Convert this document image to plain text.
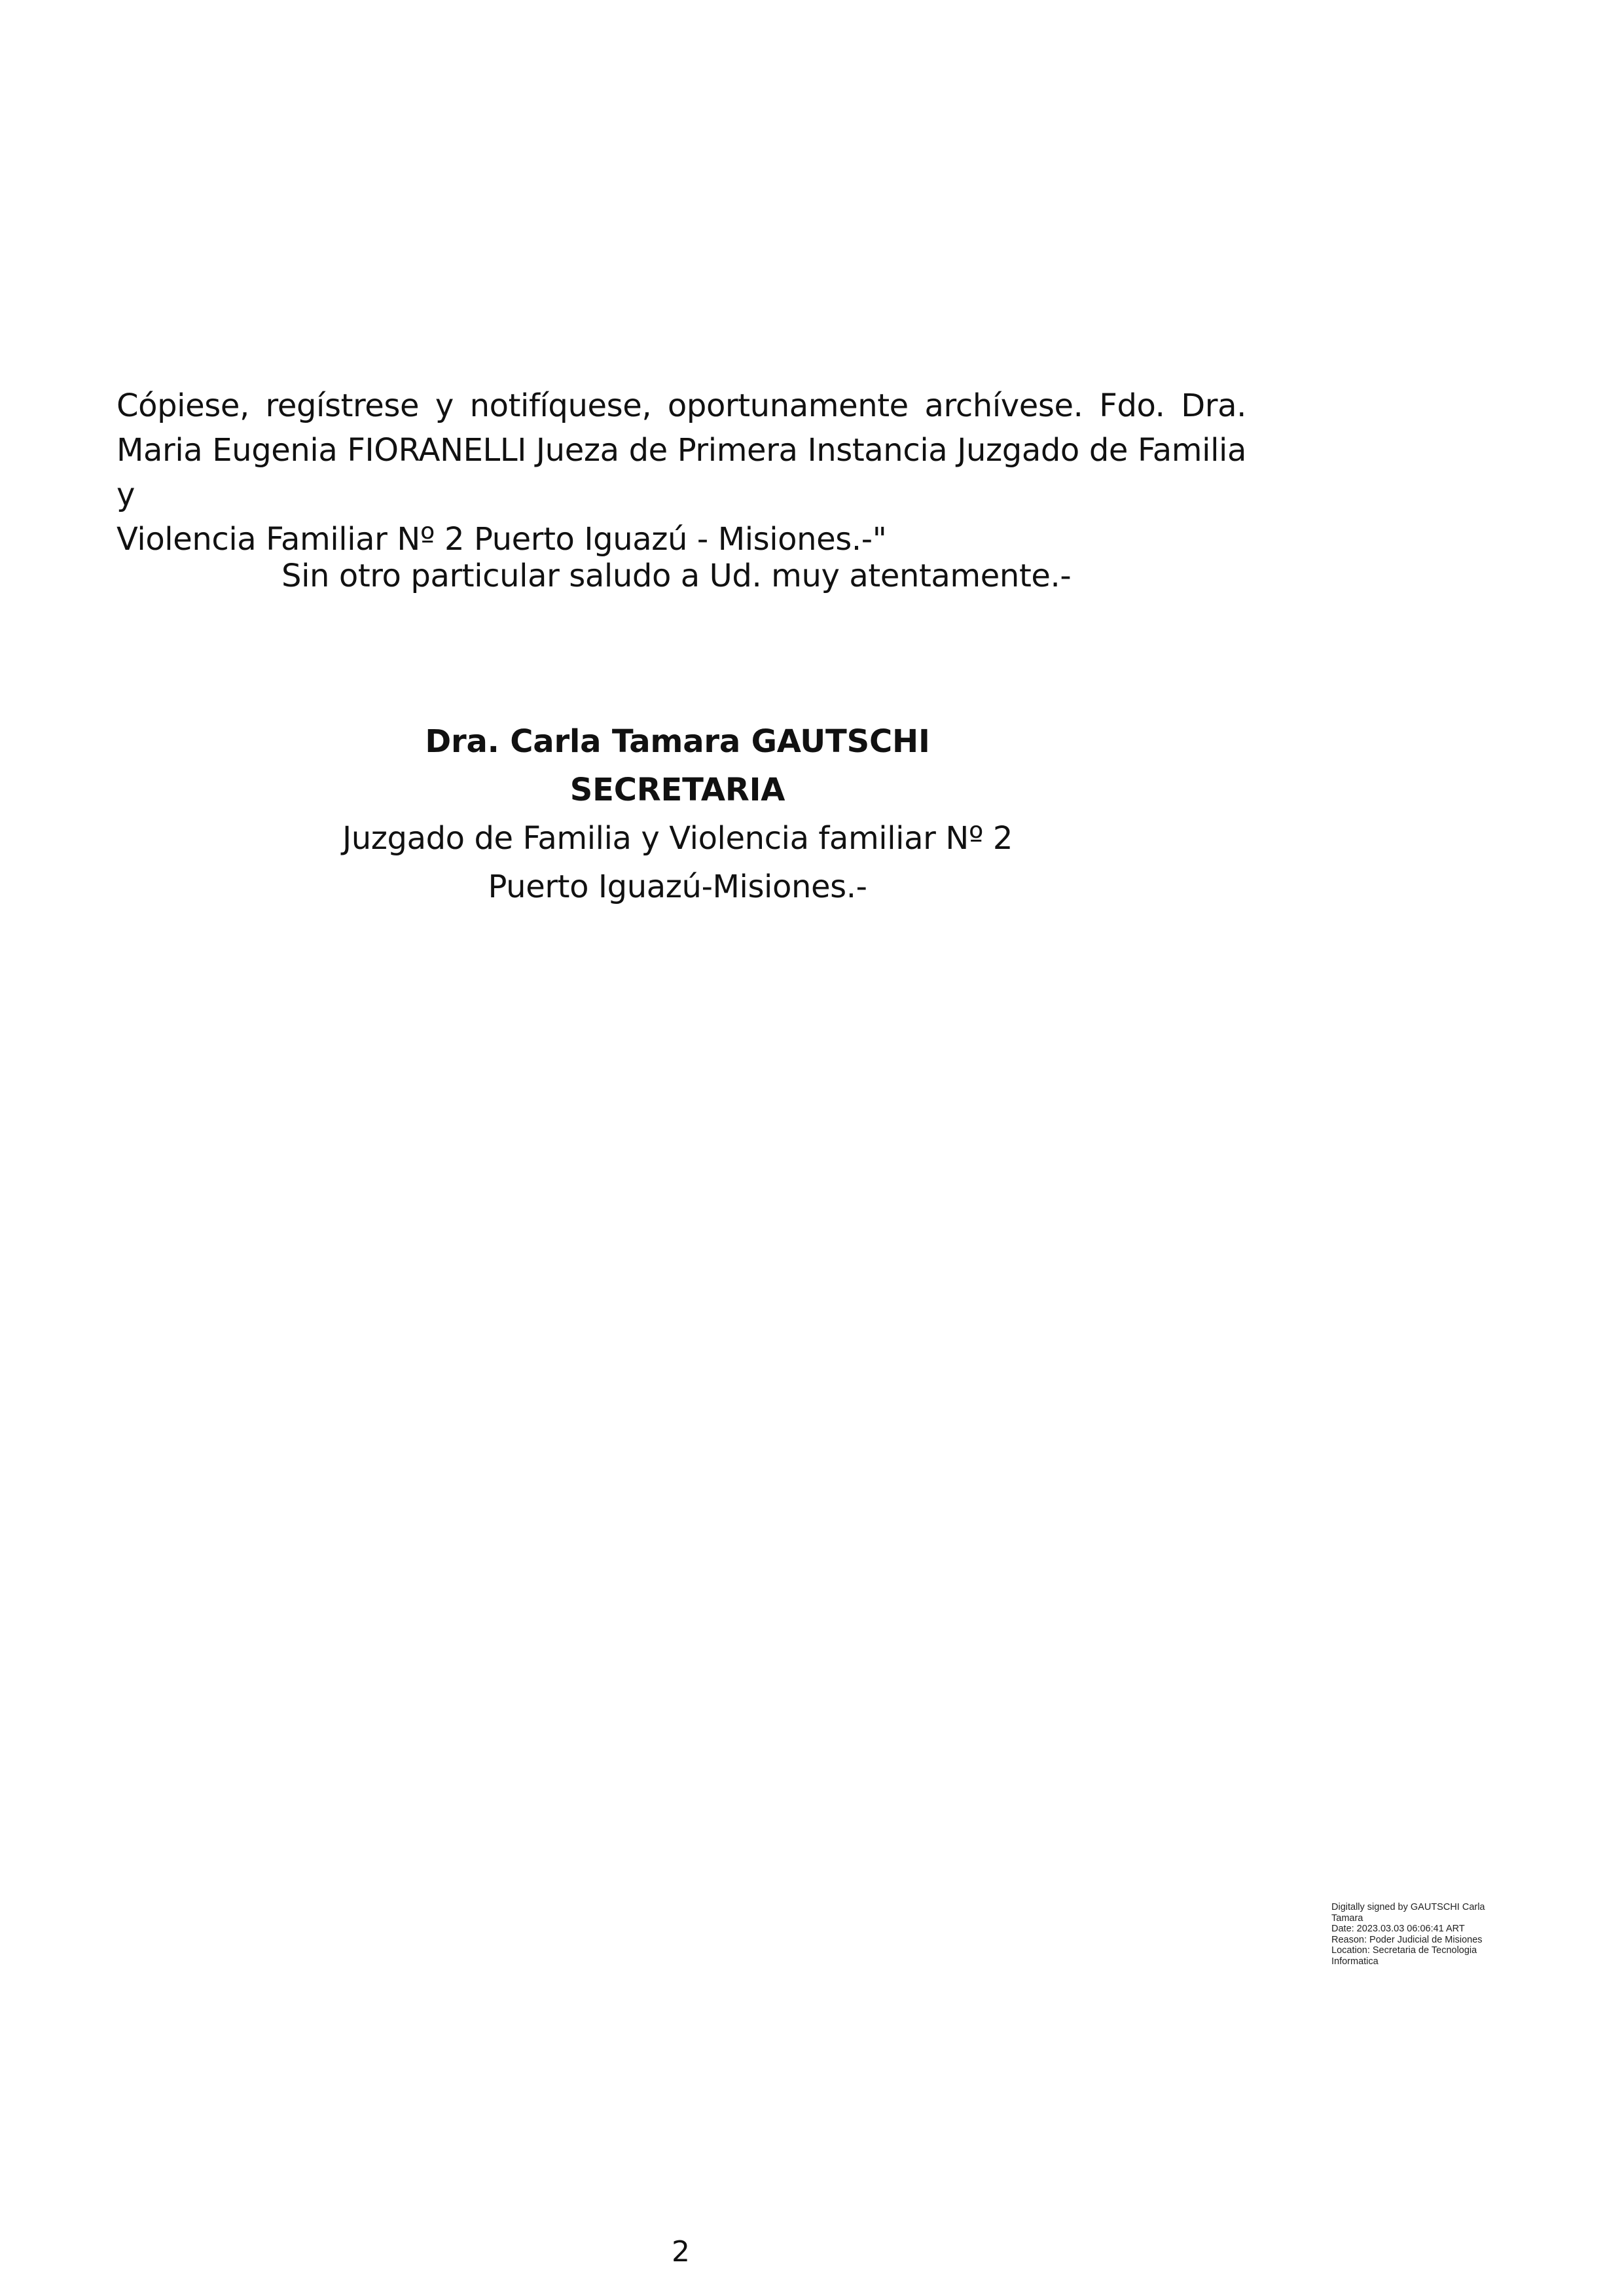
Cópiese, regístrese y notifíquese, oportunamente archívese. Fdo. Dra.
Maria Eugenia FIORANELLI Jueza de Primera Instancia Juzgado de Familia y
Violencia Familiar Nº 2 Puerto Iguazú - Misiones.-"
Sin otro particular saludo a Ud. muy atentamente.-
Dra. Carla Tamara GAUTSCHI
SECRETARIA
Juzgado de Familia y Violencia familiar Nº 2
Puerto Iguazú-Misiones.-
Digitally signed by GAUTSCHI Carla
Tamara
Date: 2023.03.03 06:06:41 ART
Reason: Poder Judicial de Misiones
Location: Secretaria de Tecnologia
Informatica
2
